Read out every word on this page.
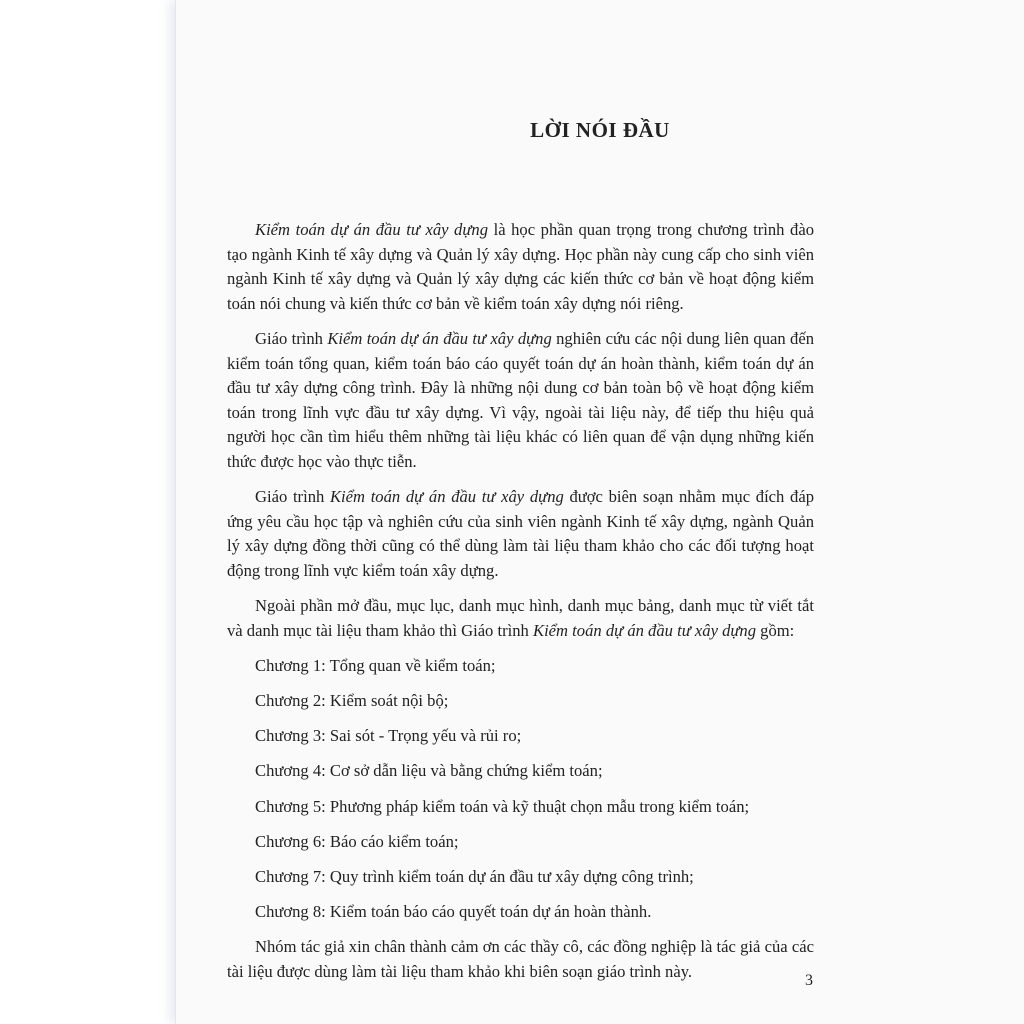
LỜI NÓI ĐẦU

Kiểm toán dự án đầu tư xây dựng là học phần quan trọng trong chương trình đào tạo ngành Kinh tế xây dựng và Quản lý xây dựng. Học phần này cung cấp cho sinh viên ngành Kinh tế xây dựng và Quản lý xây dựng các kiến thức cơ bản về hoạt động kiểm toán nói chung và kiến thức cơ bản về kiểm toán xây dựng nói riêng.

Giáo trình Kiểm toán dự án đầu tư xây dựng nghiên cứu các nội dung liên quan đến kiểm toán tổng quan, kiểm toán báo cáo quyết toán dự án hoàn thành, kiểm toán dự án đầu tư xây dựng công trình. Đây là những nội dung cơ bản toàn bộ về hoạt động kiểm toán trong lĩnh vực đầu tư xây dựng. Vì vậy, ngoài tài liệu này, để tiếp thu hiệu quả người học cần tìm hiểu thêm những tài liệu khác có liên quan để vận dụng những kiến thức được học vào thực tiễn.

Giáo trình Kiểm toán dự án đầu tư xây dựng được biên soạn nhằm mục đích đáp ứng yêu cầu học tập và nghiên cứu của sinh viên ngành Kinh tế xây dựng, ngành Quản lý xây dựng đồng thời cũng có thể dùng làm tài liệu tham khảo cho các đối tượng hoạt động trong lĩnh vực kiểm toán xây dựng.

Ngoài phần mở đầu, mục lục, danh mục hình, danh mục bảng, danh mục từ viết tắt và danh mục tài liệu tham khảo thì Giáo trình Kiểm toán dự án đầu tư xây dựng gồm:

Chương 1: Tổng quan về kiểm toán;

Chương 2: Kiểm soát nội bộ;

Chương 3: Sai sót - Trọng yếu và rủi ro;

Chương 4: Cơ sở dẫn liệu và bằng chứng kiểm toán;

Chương 5: Phương pháp kiểm toán và kỹ thuật chọn mẫu trong kiểm toán;

Chương 6: Báo cáo kiểm toán;

Chương 7: Quy trình kiểm toán dự án đầu tư xây dựng công trình;

Chương 8: Kiểm toán báo cáo quyết toán dự án hoàn thành.

Nhóm tác giả xin chân thành cảm ơn các thầy cô, các đồng nghiệp là tác giả của các tài liệu được dùng làm tài liệu tham khảo khi biên soạn giáo trình này.	3
